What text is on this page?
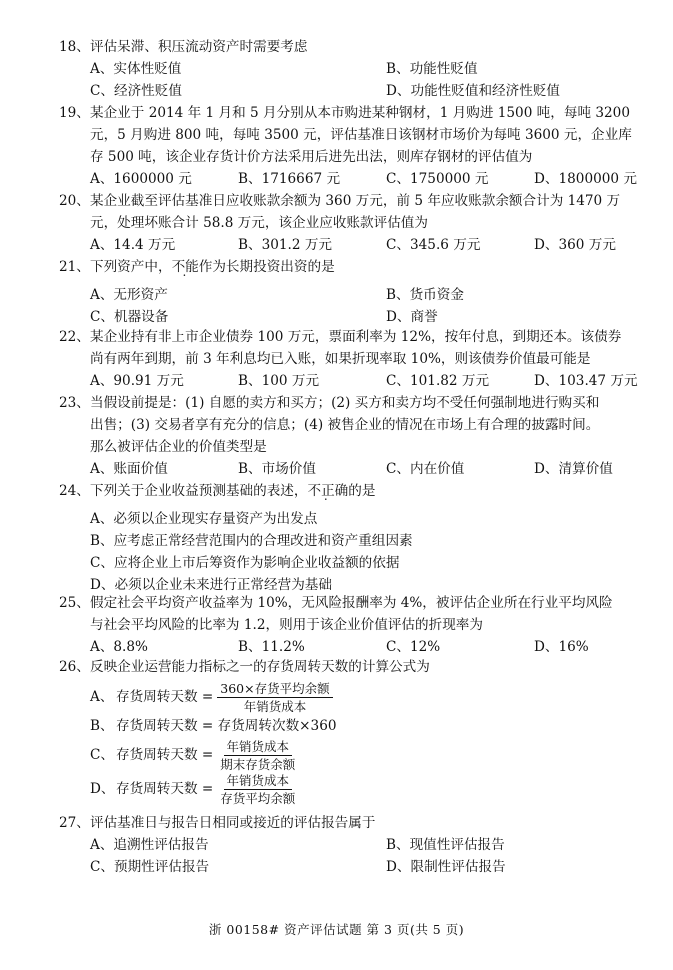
18、 评估呆滞、积压流动资产时需要考虑
A、实体性贬值	B、功能性贬值
C、经济性贬值	D、功能性贬值和经济性贬值
19、 某企业于 2014 年 1 月和 5 月分别从本市购进某种钢材，1 月购进 1500 吨，每吨 3200
元，5 月购进 800 吨，每吨 3500 元，评估基准日该钢材市场价为每吨 3600 元，企业库
存 500 吨，该企业存货计价方法采用后进先出法，则库存钢材的评估值为
A、1600000 元	B、1716667 元	C、1750000 元	D、1800000 元
20、 某企业截至评估基准日应收账款余额为 360 万元，前 5 年应收账款余额合计为 1470 万
元，处理坏账合计 58.8 万元，该企业应收账款评估值为
A、14.4 万元	B、301.2 万元	C、345.6 万元	D、360 万元
21、 下列资产中，不能作为长期投资出资的是
A、无形资产	B、货币资金
C、机器设备	D、商誉
22、 某企业持有非上市企业债券 100 万元，票面利率为 12%，按年付息，到期还本。该债券
尚有两年到期，前 3 年利息均已入账，如果折现率取 10%，则该债券价值最可能是
A、90.91 万元	B、100 万元	C、101.82 万元	D、103.47 万元
23、 当假设前提是：(1) 自愿的卖方和买方；(2) 买方和卖方均不受任何强制地进行购买和
出售；(3) 交易者享有充分的信息；(4) 被售企业的情况在市场上有合理的披露时间。
那么被评估企业的价值类型是
A、账面价值	B、市场价值	C、内在价值	D、清算价值
24、 下列关于企业收益预测基础的表述，不正确的是
A、必须以企业现实存量资产为出发点
B、应考虑正常经营范围内的合理改进和资产重组因素
C、应将企业上市后筹资作为影响企业收益额的依据
D、必须以企业未来进行正常经营为基础
25、 假定社会平均资产收益率为 10%，无风险报酬率为 4%，被评估企业所在行业平均风险
与社会平均风险的比率为 1.2，则用于该企业价值评估的折现率为
A、8.8%	B、11.2%	C、12%	D、16%
26、 反映企业运营能力指标之一的存货周转天数的计算公式为
A、 存货周转天数 = $\frac{\text{360×存货平均余额}}{\text{年销货成本}}$
B、 存货周转天数 = 存货周转次数×360
C、 存货周转天数 = $\frac{\text{年销货成本}}{\text{期末存货余额}}$
D、 存货周转天数 = $\frac{\text{年销货成本}}{\text{存货平均余额}}$
27、 评估基准日与报告日相同或接近的评估报告属于
A、追溯性评估报告	B、现值性评估报告
C、预期性评估报告	D、限制性评估报告
浙 00158# 资产评估试题 第 3 页(共 5 页)
